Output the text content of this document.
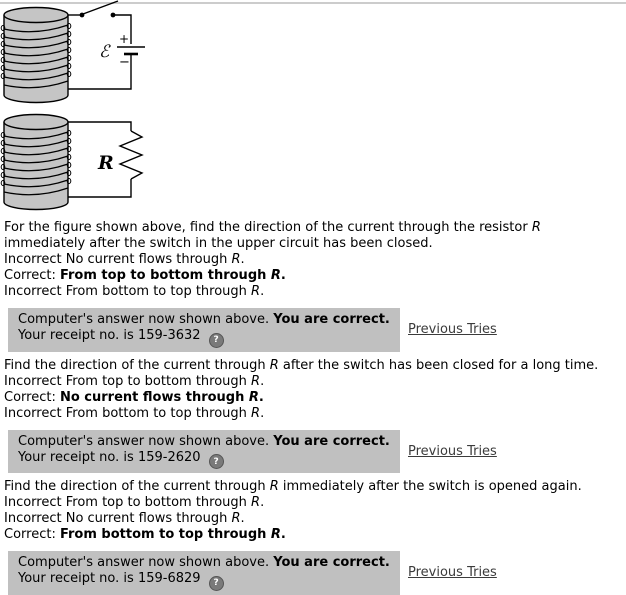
+
−
ℰ
R
For the figure shown above, find the direction of the current through the resistor R
immediately after the switch in the upper circuit has been closed.
Incorrect No current flows through R.
Correct: From top to bottom through R.
Incorrect From bottom to top through R.
Computer's answer now shown above. You are correct.
Your receipt no. is 159-3632 ?
Previous Tries
Find the direction of the current through R after the switch has been closed for a long time.
Incorrect From top to bottom through R.
Correct: No current flows through R.
Incorrect From bottom to top through R.
Computer's answer now shown above. You are correct.
Your receipt no. is 159-2620 ?
Previous Tries
Find the direction of the current through R immediately after the switch is opened again.
Incorrect From top to bottom through R.
Incorrect No current flows through R.
Correct: From bottom to top through R.
Computer's answer now shown above. You are correct.
Your receipt no. is 159-6829 ?
Previous Tries
